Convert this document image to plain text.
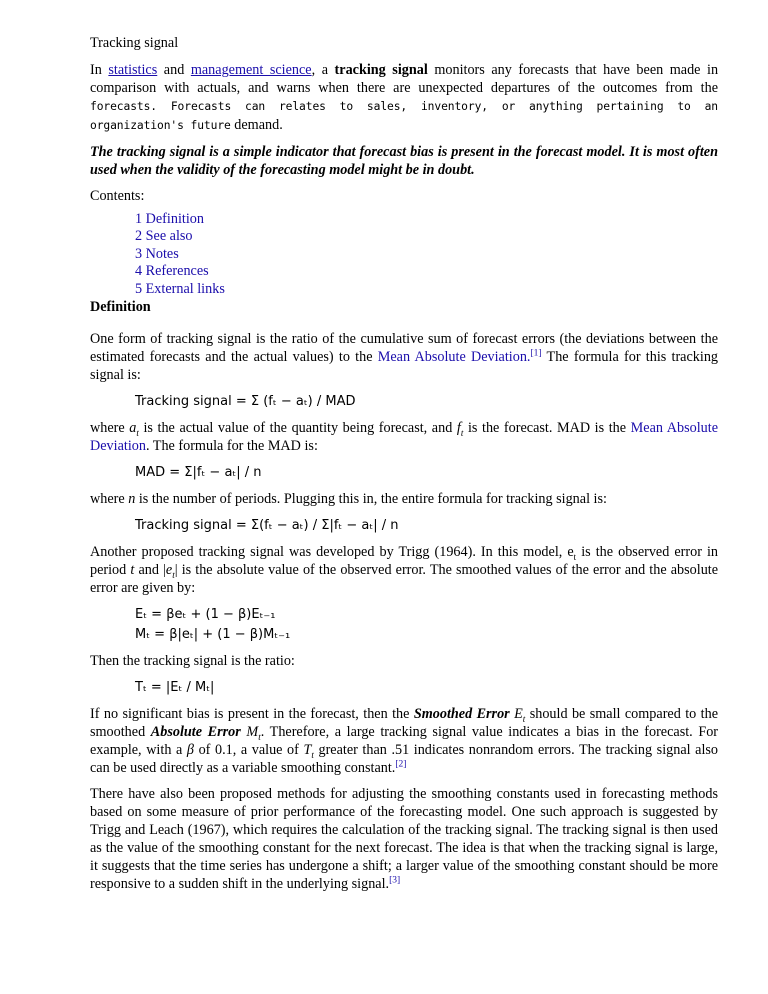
Tracking signal

In statistics and management science, a tracking signal monitors any forecasts that have been made in comparison with actuals, and warns when there are unexpected departures of the outcomes from the forecasts. Forecasts can relates to sales, inventory, or anything pertaining to an organization's future demand.

The tracking signal is a simple indicator that forecast bias is present in the forecast model. It is most often used when the validity of the forecasting model might be in doubt.

Contents:

1 Definition
2 See also
3 Notes
4 References
5 External links

Definition

One form of tracking signal is the ratio of the cumulative sum of forecast errors (the deviations between the estimated forecasts and the actual values) to the Mean Absolute Deviation.[1] The formula for this tracking signal is:

Tracking signal = Σ (fₜ − aₜ) / MAD

where $a_t$ is the actual value of the quantity being forecast, and $f_t$ is the forecast. MAD is the Mean Absolute Deviation. The formula for the MAD is:

MAD = Σ|fₜ − aₜ| / n

where n is the number of periods. Plugging this in, the entire formula for tracking signal is:

Tracking signal = Σ(fₜ − aₜ) / Σ|fₜ − aₜ| / n

Another proposed tracking signal was developed by Trigg (1964). In this model, $e_t$ is the observed error in period t and $|e_t|$ is the absolute value of the observed error. The smoothed values of the error and the absolute error are given by:

Eₜ = βeₜ + (1 − β)Eₜ₋₁
Mₜ = β|eₜ| + (1 − β)Mₜ₋₁

Then the tracking signal is the ratio:

Tₜ = |Eₜ / Mₜ|

If no significant bias is present in the forecast, then the Smoothed Error $E_t$ should be small compared to the smoothed Absolute Error $M_t$. Therefore, a large tracking signal value indicates a bias in the forecast. For example, with a β of 0.1, a value of $T_t$ greater than .51 indicates nonrandom errors. The tracking signal also can be used directly as a variable smoothing constant.[2]

There have also been proposed methods for adjusting the smoothing constants used in forecasting methods based on some measure of prior performance of the forecasting model. One such approach is suggested by Trigg and Leach (1967), which requires the calculation of the tracking signal. The tracking signal is then used as the value of the smoothing constant for the next forecast. The idea is that when the tracking signal is large, it suggests that the time series has undergone a shift; a larger value of the smoothing constant should be more responsive to a sudden shift in the underlying signal.[3]
